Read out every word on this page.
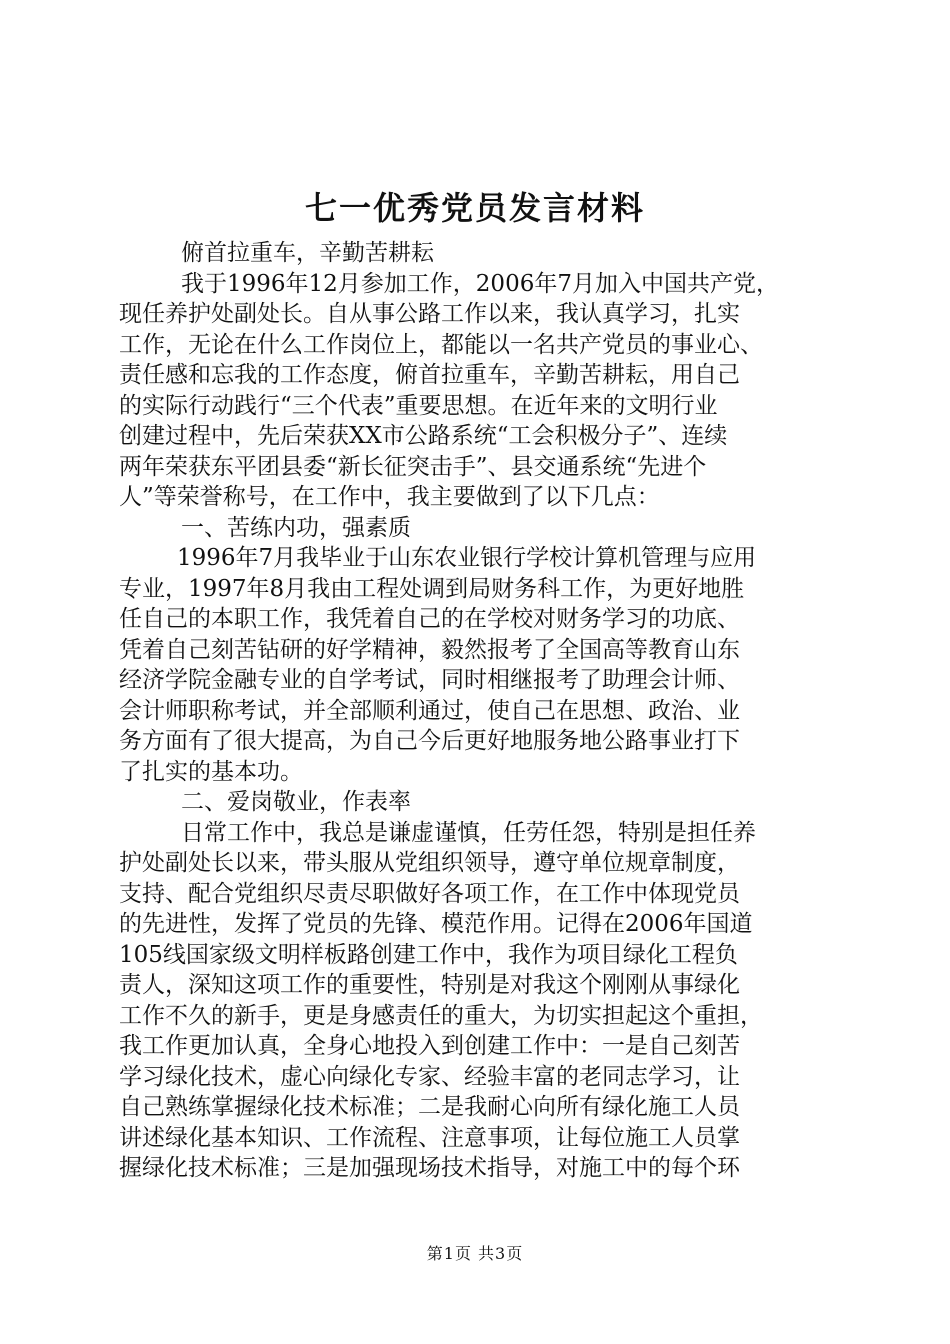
七一优秀党员发言材料
俯首拉重车，辛勤苦耕耘
我于1996年12月参加工作，2006年7月加入中国共产党，
现任养护处副处长。自从事公路工作以来，我认真学习，扎实
工作，无论在什么工作岗位上，都能以一名共产党员的事业心、
责任感和忘我的工作态度，俯首拉重车，辛勤苦耕耘，用自己
的实际行动践行“三个代表”重要思想。在近年来的文明行业
创建过程中，先后荣获XX市公路系统“工会积极分子”、连续
两年荣获东平团县委“新长征突击手”、县交通系统“先进个
人”等荣誉称号，在工作中，我主要做到了以下几点：
一、苦练内功，强素质
1996年7月我毕业于山东农业银行学校计算机管理与应用
专业，1997年8月我由工程处调到局财务科工作，为更好地胜
任自己的本职工作，我凭着自己的在学校对财务学习的功底、
凭着自己刻苦钻研的好学精神，毅然报考了全国高等教育山东
经济学院金融专业的自学考试，同时相继报考了助理会计师、
会计师职称考试，并全部顺利通过，使自己在思想、政治、业
务方面有了很大提高，为自己今后更好地服务地公路事业打下
了扎实的基本功。
二、爱岗敬业，作表率
日常工作中，我总是谦虚谨慎，任劳任怨，特别是担任养
护处副处长以来，带头服从党组织领导，遵守单位规章制度，
支持、配合党组织尽责尽职做好各项工作，在工作中体现党员
的先进性，发挥了党员的先锋、模范作用。记得在2006年国道
105线国家级文明样板路创建工作中，我作为项目绿化工程负
责人，深知这项工作的重要性，特别是对我这个刚刚从事绿化
工作不久的新手，更是身感责任的重大，为切实担起这个重担，
我工作更加认真，全身心地投入到创建工作中：一是自己刻苦
学习绿化技术，虚心向绿化专家、经验丰富的老同志学习，让
自己熟练掌握绿化技术标准；二是我耐心向所有绿化施工人员
讲述绿化基本知识、工作流程、注意事项，让每位施工人员掌
握绿化技术标准；三是加强现场技术指导，对施工中的每个环
第1页 共3页
